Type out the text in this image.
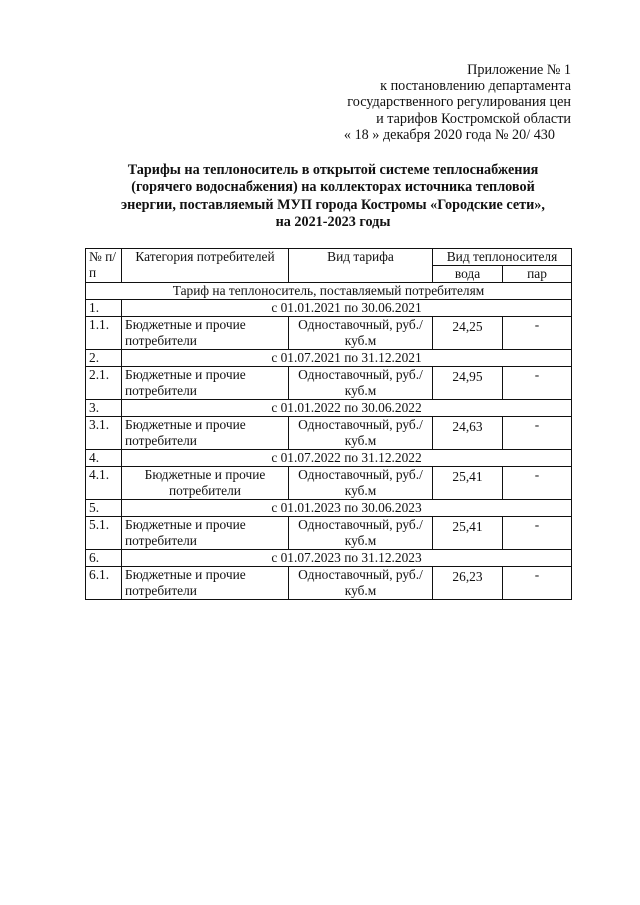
Приложение № 1
к постановлению департамента
государственного регулирования цен
и тарифов Костромской области
« 18 » декабря 2020 года № 20/ 430
Тарифы на теплоноситель в открытой системе теплоснабжения
(горячего водоснабжения) на коллекторах источника тепловой
энергии, поставляемый МУП города Костромы «Городские сети»,
на 2021-2023 годы
№ п/п	Категория потребителей	Вид тарифа	Вид теплоносителя	
			вода	пар
Тариф на теплоноситель, поставляемый потребителям				
1.	с 01.01.2021 по 30.06.2021			
1.1.	Бюджетные и прочие потребители	Одноставочный, руб./куб.м	24,25	-
2.	с 01.07.2021 по 31.12.2021			
2.1.	Бюджетные и прочие потребители	Одноставочный, руб./куб.м	24,95	-
3.	с 01.01.2022 по 30.06.2022			
3.1.	Бюджетные и прочие потребители	Одноставочный, руб./куб.м	24,63	-
4.	с 01.07.2022 по 31.12.2022			
4.1.	Бюджетные и прочие потребители	Одноставочный, руб./куб.м	25,41	-
5.	с 01.01.2023 по 30.06.2023			
5.1.	Бюджетные и прочие потребители	Одноставочный, руб./куб.м	25,41	-
6.	с 01.07.2023 по 31.12.2023			
6.1.	Бюджетные и прочие потребители	Одноставочный, руб./куб.м	26,23	-
